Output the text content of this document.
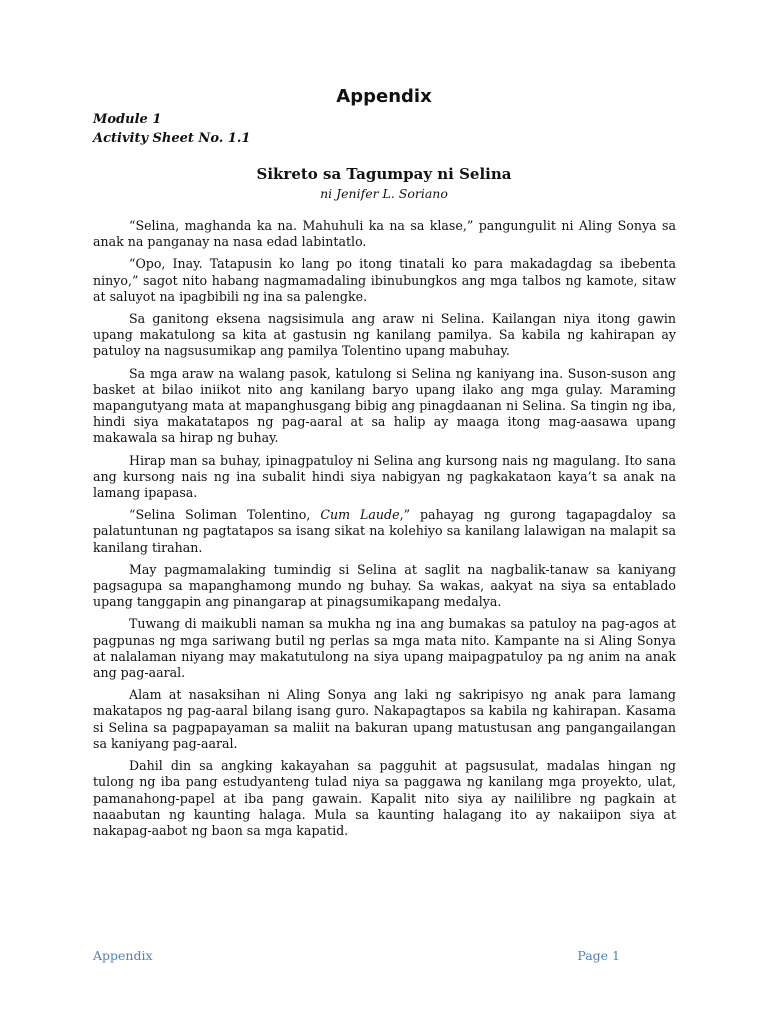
Appendix
Module 1
Activity Sheet No. 1.1
Sikreto sa Tagumpay ni Selina
ni Jenifer L. Soriano

“Selina, maghanda ka na. Mahuhuli ka na sa klase,” pangungulit ni Aling Sonya sa anak na panganay na nasa edad labintatlo.

“Opo, Inay. Tatapusin ko lang po itong tinatali ko para makadagdag sa ibebenta ninyo,” sagot nito habang nagmamadaling ibinubungkos ang mga talbos ng kamote, sitaw at saluyot na ipagbibili ng ina sa palengke.

Sa ganitong eksena nagsisimula ang araw ni Selina. Kailangan niya itong gawin upang makatulong sa kita at gastusin ng kanilang pamilya. Sa kabila ng kahirapan ay patuloy na nagsusumikap ang pamilya Tolentino upang mabuhay.

Sa mga araw na walang pasok, katulong si Selina ng kaniyang ina. Suson-suson ang basket at bilao iniikot nito ang kanilang baryo upang ilako ang mga gulay. Maraming mapangutyang mata at mapanghusgang bibig ang pinagdaanan ni Selina. Sa tingin ng iba, hindi siya makatatapos ng pag-aaral at sa halip ay maaga itong mag-aasawa upang makawala sa hirap ng buhay.

Hirap man sa buhay, ipinagpatuloy ni Selina ang kursong nais ng magulang. Ito sana ang kursong nais ng ina subalit hindi siya nabigyan ng pagkakataon kaya’t sa anak na lamang ipapasa.

“Selina Soliman Tolentino, Cum Laude,” pahayag ng gurong tagapagdaloy sa palatuntunan ng pagtatapos sa isang sikat na kolehiyo sa kanilang lalawigan na malapit sa kanilang tirahan.

May pagmamalaking tumindig si Selina at saglit na nagbalik-tanaw sa kaniyang pagsagupa sa mapanghamong mundo ng buhay. Sa wakas, aakyat na siya sa entablado upang tanggapin ang pinangarap at pinagsumikapang medalya.

Tuwang di maikubli naman sa mukha ng ina ang bumakas sa patuloy na pag-agos at pagpunas ng mga sariwang butil ng perlas sa mga mata nito. Kampante na si Aling Sonya at nalalaman niyang may makatutulong na siya upang maipagpatuloy pa ng anim na anak ang pag-aaral.

Alam at nasaksihan ni Aling Sonya ang laki ng sakripisyo ng anak para lamang makatapos ng pag-aaral bilang isang guro. Nakapagtapos sa kabila ng kahirapan. Kasama si Selina sa pagpapayaman sa maliit na bakuran upang matustusan ang pangangailangan sa kaniyang pag-aaral.

Dahil din sa angking kakayahan sa pagguhit at pagsusulat, madalas hingan ng tulong ng iba pang estudyanteng tulad niya sa paggawa ng kanilang mga proyekto, ulat, pamanahong-papel at iba pang gawain. Kapalit nito siya ay naililibre ng pagkain at naaabutan ng kaunting halaga. Mula sa kaunting halagang ito ay nakaiipon siya at nakapag-aabot ng baon sa mga kapatid.

Appendix	Page 1
